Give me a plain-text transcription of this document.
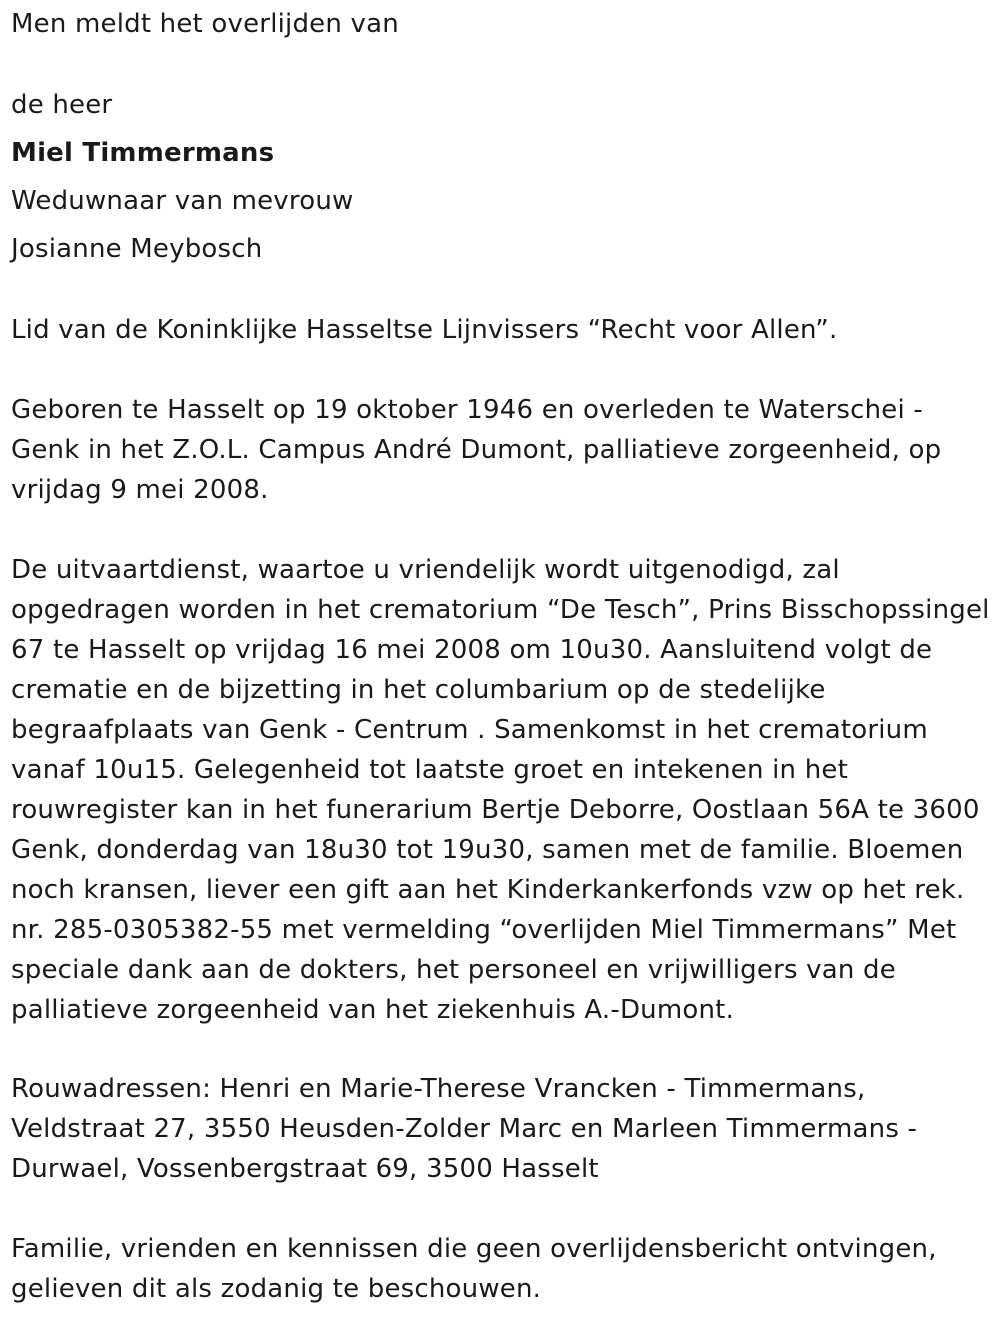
Men meldt het overlijden van
de heer
Miel Timmermans
Weduwnaar van mevrouw
Josianne Meybosch
Lid van de Koninklijke Hasseltse Lijnvissers “Recht voor Allen”.
Geboren te Hasselt op 19 oktober 1946 en overleden te Waterschei - Genk in het Z.O.L. Campus André Dumont, palliatieve zorgeenheid, op vrijdag 9 mei 2008.
De uitvaartdienst, waartoe u vriendelijk wordt uitgenodigd, zal opgedragen worden in het crematorium “De Tesch”, Prins Bisschopssingel 67 te Hasselt op vrijdag 16 mei 2008 om 10u30. Aansluitend volgt de crematie en de bijzetting in het columbarium op de stedelijke begraafplaats van Genk - Centrum . Samenkomst in het crematorium vanaf 10u15. Gelegenheid tot laatste groet en intekenen in het rouwregister kan in het funerarium Bertje Deborre, Oostlaan 56A te 3600 Genk, donderdag van 18u30 tot 19u30, samen met de familie. Bloemen noch kransen, liever een gift aan het Kinderkankerfonds vzw op het rek. nr. 285-0305382-55 met vermelding “overlijden Miel Timmermans” Met speciale dank aan de dokters, het personeel en vrijwilligers van de palliatieve zorgeenheid van het ziekenhuis A.-Dumont.
Rouwadressen: Henri en Marie-Therese Vrancken - Timmermans, Veldstraat 27, 3550 Heusden-Zolder Marc en Marleen Timmermans - Durwael, Vossenbergstraat 69, 3500 Hasselt
Familie, vrienden en kennissen die geen overlijdensbericht ontvingen, gelieven dit als zodanig te beschouwen.
